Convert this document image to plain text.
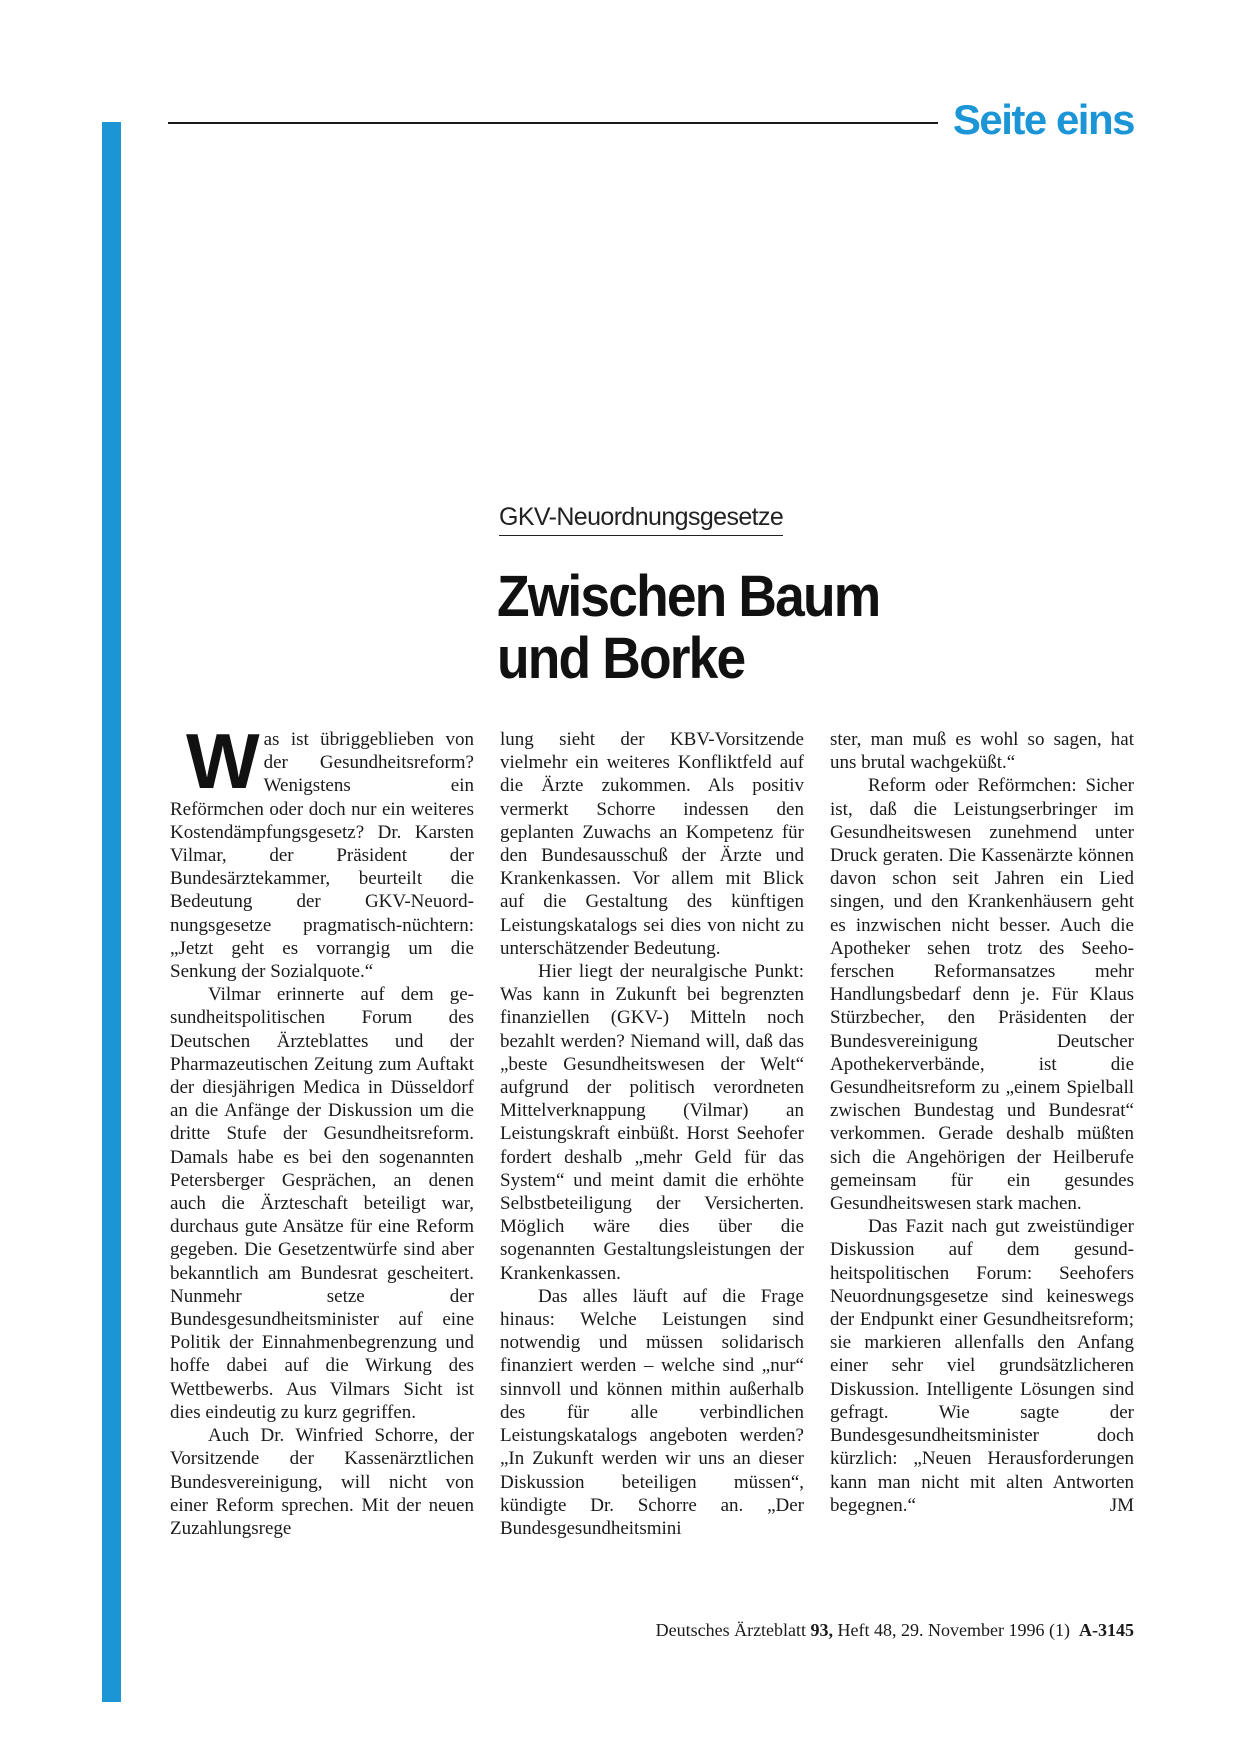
Seite eins
GKV-Neuordnungsgesetze
Zwischen Baum
und Borke

Was ist übriggeblieben von der Gesundheitsreform? Wenigstens ein Reförmchen oder doch nur ein weiteres Kostendämpfungsgesetz? Dr. Karsten Vilmar, der Präsident der Bundesärztekammer, beurteilt die Bedeutung der GKV-Neuordnungsgesetze pragmatisch-nüchtern: „Jetzt geht es vorrangig um die Senkung der Sozialquote.“

Vilmar erinnerte auf dem gesundheitspolitischen Forum des Deutschen Ärzteblattes und der Pharmazeutischen Zeitung zum Auftakt der diesjährigen Medica in Düsseldorf an die Anfänge der Diskussion um die dritte Stufe der Gesundheitsreform. Damals habe es bei den sogenannten Petersberger Gesprächen, an denen auch die Ärzteschaft beteiligt war, durchaus gute Ansätze für eine Reform gegeben. Die Gesetzentwürfe sind aber bekanntlich am Bundesrat gescheitert. Nunmehr setze der Bundesgesundheitsminister auf eine Politik der Einnahmenbegrenzung und hoffe dabei auf die Wirkung des Wettbewerbs. Aus Vilmars Sicht ist dies eindeutig zu kurz gegriffen.

Auch Dr. Winfried Schorre, der Vorsitzende der Kassenärztlichen Bundesvereinigung, will nicht von einer Reform sprechen. Mit der neuen Zuzahlungsrege

lung sieht der KBV-Vorsitzende vielmehr ein weiteres Konfliktfeld auf die Ärzte zukommen. Als positiv vermerkt Schorre indessen den geplanten Zuwachs an Kompetenz für den Bundesausschuß der Ärzte und Krankenkassen. Vor allem mit Blick auf die Gestaltung des künftigen Leistungskatalogs sei dies von nicht zu unterschätzender Bedeutung.

Hier liegt der neuralgische Punkt: Was kann in Zukunft bei begrenzten finanziellen (GKV-) Mitteln noch bezahlt werden? Niemand will, daß das „beste Gesundheitswesen der Welt“ aufgrund der politisch verordneten Mittelverknappung (Vilmar) an Leistungskraft einbüßt. Horst Seehofer fordert deshalb „mehr Geld für das System“ und meint damit die erhöhte Selbstbeteiligung der Versicherten. Möglich wäre dies über die sogenannten Gestaltungsleistungen der Krankenkassen.

Das alles läuft auf die Frage hinaus: Welche Leistungen sind notwendig und müssen solidarisch finanziert werden – welche sind „nur“ sinnvoll und können mithin außerhalb des für alle verbindlichen Leistungskatalogs angeboten werden? „In Zukunft werden wir uns an dieser Diskussion beteiligen müssen“, kündigte Dr. Schorre an. „Der Bundesgesundheitsmini

ster, man muß es wohl so sagen, hat uns brutal wachgeküßt.“

Reform oder Reförmchen: Sicher ist, daß die Leistungserbringer im Gesundheitswesen zunehmend unter Druck geraten. Die Kassenärzte können davon schon seit Jahren ein Lied singen, und den Krankenhäusern geht es inzwischen nicht besser. Auch die Apotheker sehen trotz des Seehoferschen Reformansatzes mehr Handlungsbedarf denn je. Für Klaus Stürzbecher, den Präsidenten der Bundesvereinigung Deutscher Apothekerverbände, ist die Gesundheitsreform zu „einem Spielball zwischen Bundestag und Bundesrat“ verkommen. Gerade deshalb müßten sich die Angehörigen der Heilberufe gemeinsam für ein gesundes Gesundheitswesen stark machen.

Das Fazit nach gut zweistündiger Diskussion auf dem gesundheitspolitischen Forum: Seehofers Neuordnungsgesetze sind keineswegs der Endpunkt einer Gesundheitsreform; sie markieren allenfalls den Anfang einer sehr viel grundsätzlicheren Diskussion. Intelligente Lösungen sind gefragt. Wie sagte der Bundesgesundheitsminister doch kürzlich: „Neuen Herausforderungen kann man nicht mit alten Antworten begegnen.“	JM

Deutsches Ärzteblatt 93, Heft 48, 29. November 1996 (1) A-3145
